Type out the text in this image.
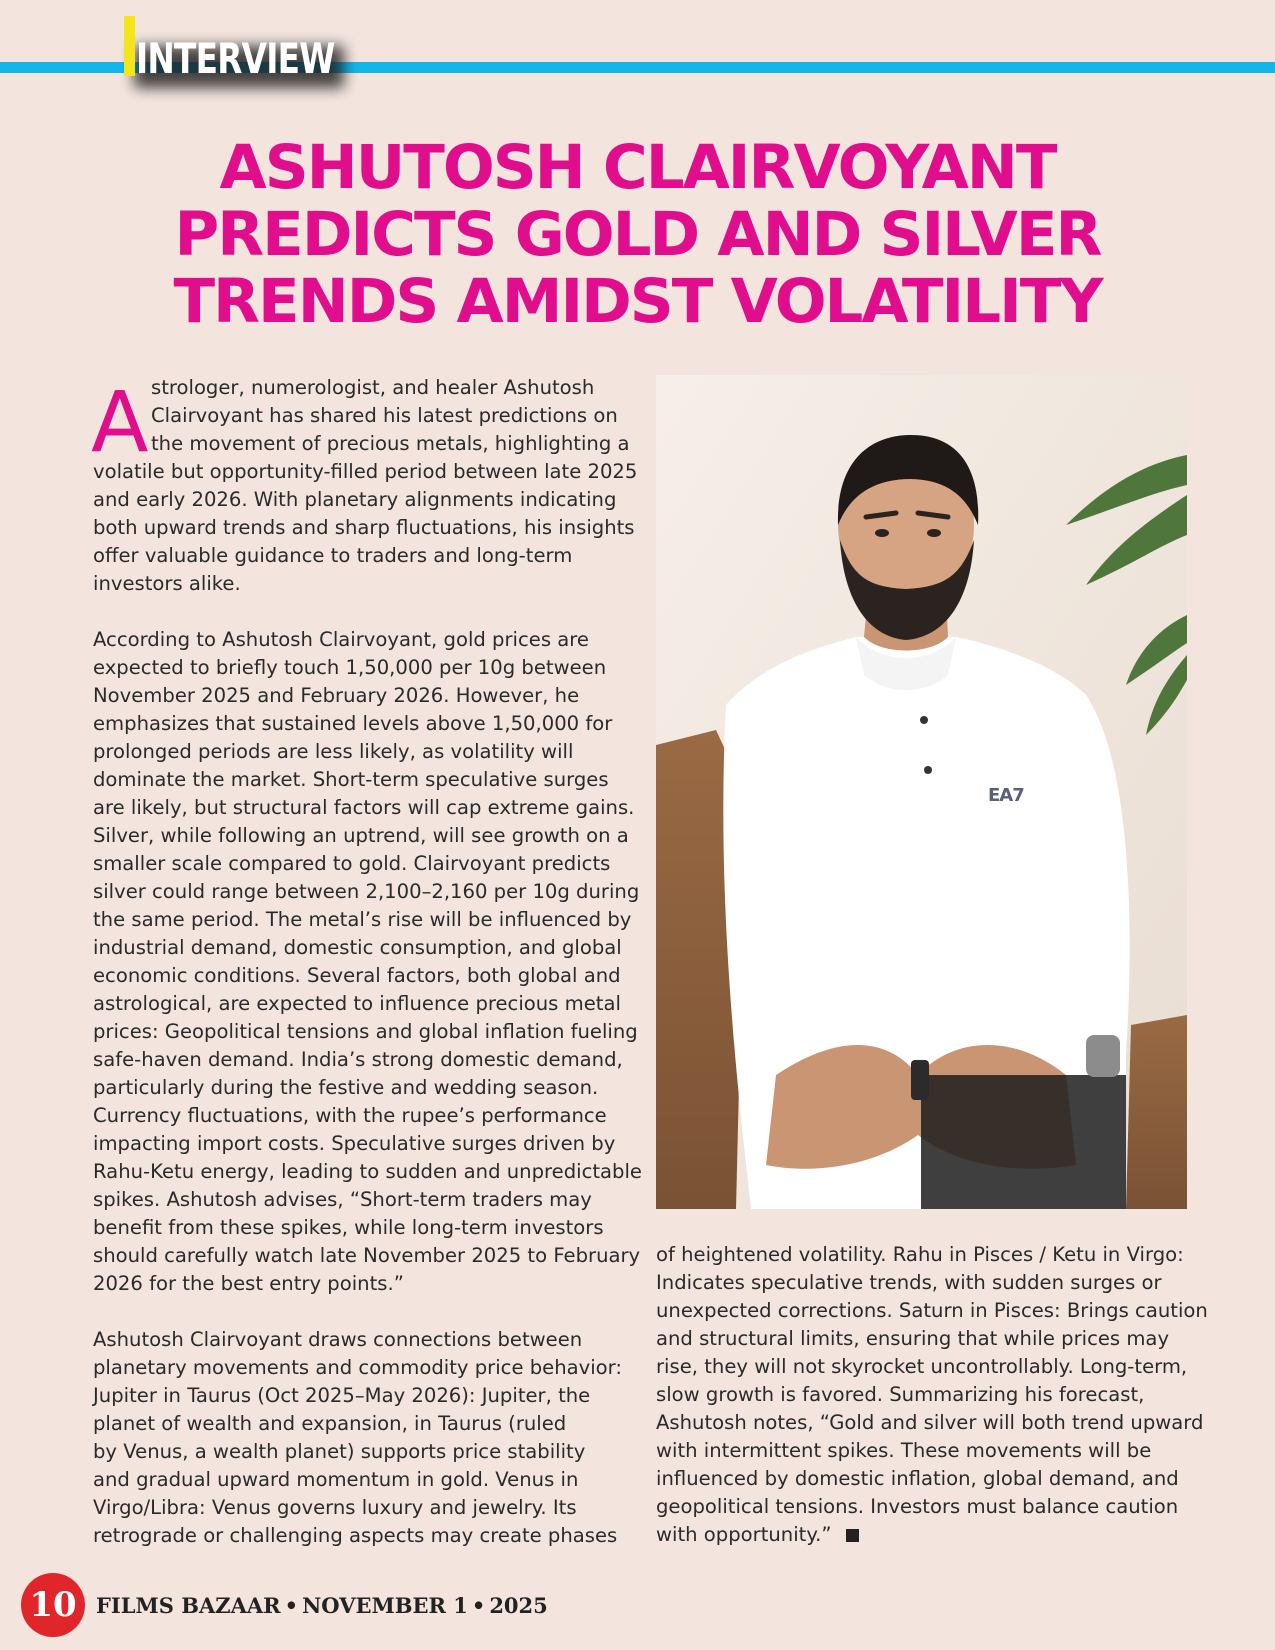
INTERVIEW
ASHUTOSH CLAIRVOYANT
PREDICTS GOLD AND SILVER
TRENDS AMIDST VOLATILITY
A strologer, numerologist, and healer Ashutosh
Clairvoyant has shared his latest predictions on
the movement of precious metals, highlighting a
volatile but opportunity-filled period between late 2025
and early 2026. With planetary alignments indicating
both upward trends and sharp fluctuations, his insights
offer valuable guidance to traders and long-term
investors alike.
According to Ashutosh Clairvoyant, gold prices are
expected to briefly touch 1,50,000 per 10g between
November 2025 and February 2026. However, he
emphasizes that sustained levels above 1,50,000 for
prolonged periods are less likely, as volatility will
dominate the market. Short-term speculative surges
are likely, but structural factors will cap extreme gains.
Silver, while following an uptrend, will see growth on a
smaller scale compared to gold. Clairvoyant predicts
silver could range between 2,100–2,160 per 10g during
the same period. The metal’s rise will be influenced by
industrial demand, domestic consumption, and global
economic conditions. Several factors, both global and
astrological, are expected to influence precious metal
prices: Geopolitical tensions and global inflation fueling
safe-haven demand. India’s strong domestic demand,
particularly during the festive and wedding season.
Currency fluctuations, with the rupee’s performance
impacting import costs. Speculative surges driven by
Rahu-Ketu energy, leading to sudden and unpredictable
spikes. Ashutosh advises, “Short-term traders may
benefit from these spikes, while long-term investors
should carefully watch late November 2025 to February
2026 for the best entry points.”
Ashutosh Clairvoyant draws connections between
planetary movements and commodity price behavior:
Jupiter in Taurus (Oct 2025–May 2026): Jupiter, the
planet of wealth and expansion, in Taurus (ruled
by Venus, a wealth planet) supports price stability
and gradual upward momentum in gold. Venus in
Virgo/Libra: Venus governs luxury and jewelry. Its
retrograde or challenging aspects may create phases
EA7
of heightened volatility. Rahu in Pisces / Ketu in Virgo:
Indicates speculative trends, with sudden surges or
unexpected corrections. Saturn in Pisces: Brings caution
and structural limits, ensuring that while prices may
rise, they will not skyrocket uncontrollably. Long-term,
slow growth is favored. Summarizing his forecast,
Ashutosh notes, “Gold and silver will both trend upward
with intermittent spikes. These movements will be
influenced by domestic inflation, global demand, and
geopolitical tensions. Investors must balance caution
with opportunity.”
10 FILMS BAZAAR • NOVEMBER 1 • 2025
